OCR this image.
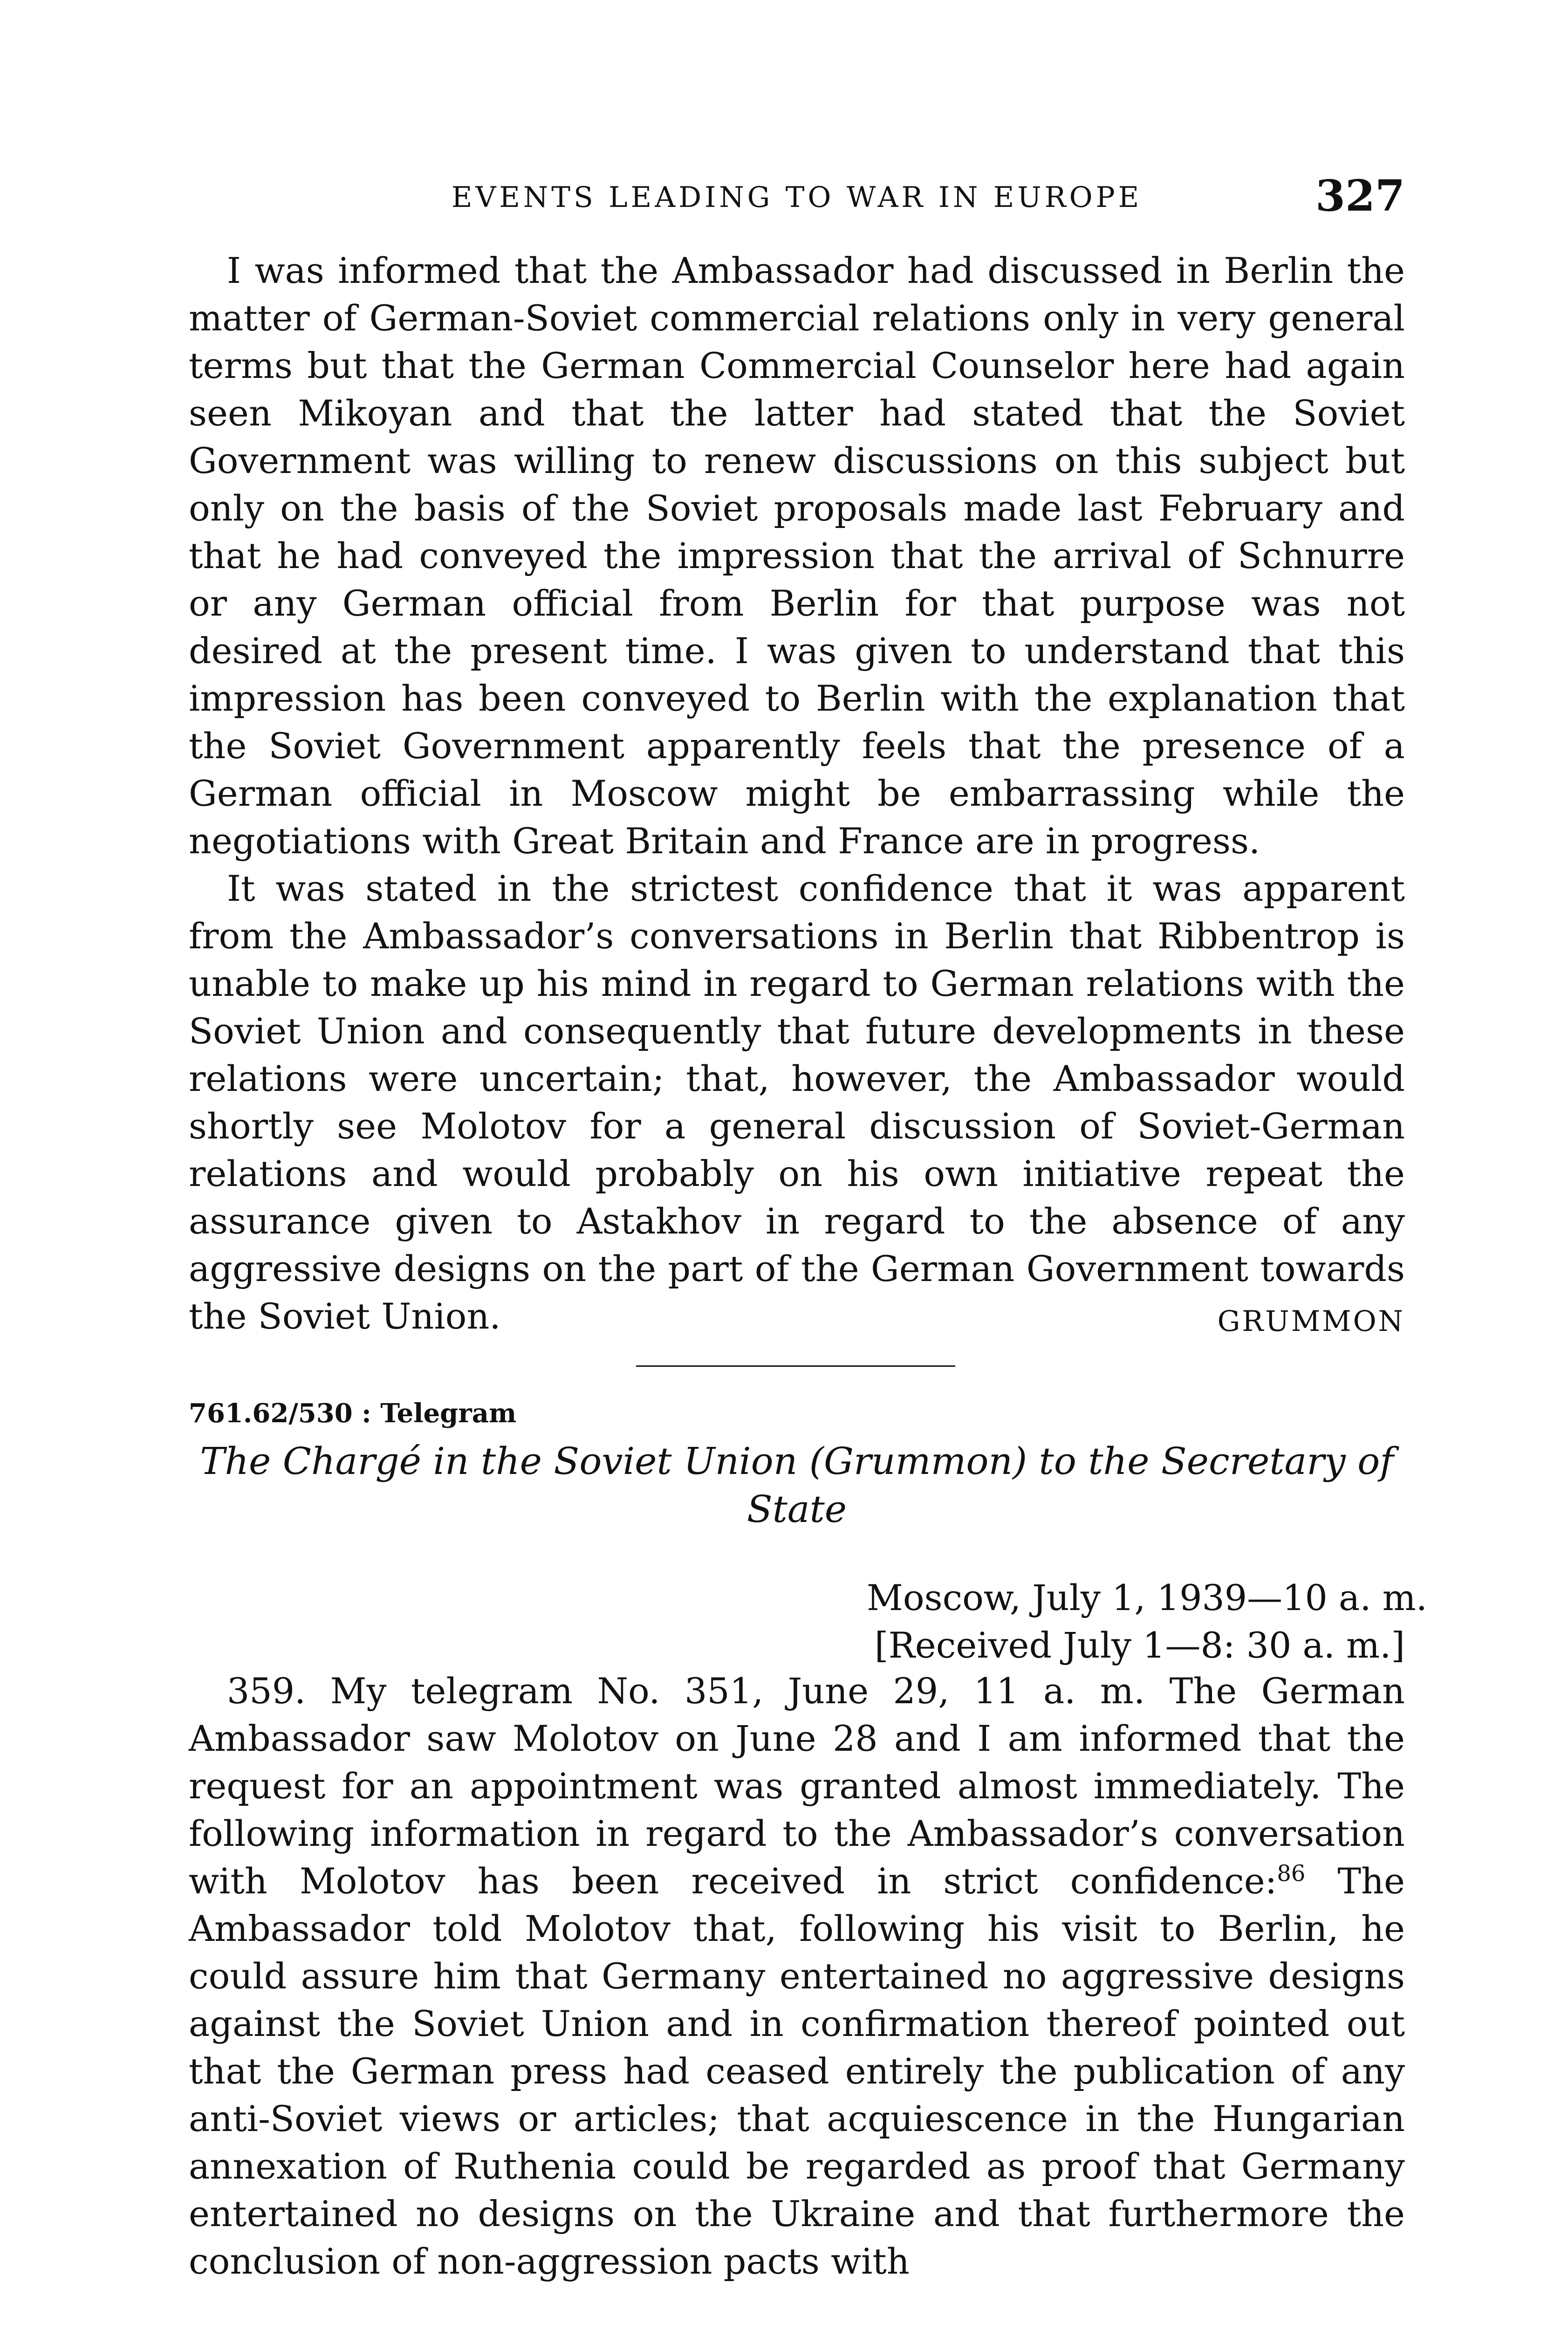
EVENTS LEADING TO WAR IN EUROPE	327

I was informed that the Ambassador had discussed in Berlin the matter of German-Soviet commercial relations only in very general terms but that the German Commercial Counselor here had again seen Mikoyan and that the latter had stated that the Soviet Government was willing to renew discussions on this subject but only on the basis of the Soviet proposals made last February and that he had conveyed the impression that the arrival of Schnurre or any German official from Berlin for that purpose was not desired at the present time. I was given to understand that this impression has been conveyed to Berlin with the explanation that the Soviet Government apparently feels that the presence of a German official in Moscow might be embarrassing while the negotiations with Great Britain and France are in progress.

It was stated in the strictest confidence that it was apparent from the Ambassador’s conversations in Berlin that Ribbentrop is unable to make up his mind in regard to German relations with the Soviet Union and consequently that future developments in these relations were uncertain; that, however, the Ambassador would shortly see Molotov for a general discussion of Soviet-German relations and would probably on his own initiative repeat the assurance given to Astakhov in regard to the absence of any aggressive designs on the part of the German Government towards the Soviet Union.	GRUMMON
761.62/530 : Telegram
The Chargé in the Soviet Union (Grummon) to the Secretary of State
Moscow, July 1, 1939—10 a. m.
[Received July 1—8: 30 a. m.]

359. My telegram No. 351, June 29, 11 a. m. The German Ambassador saw Molotov on June 28 and I am informed that the request for an appointment was granted almost immediately. The following information in regard to the Ambassador’s conversation with Molotov has been received in strict confidence:$^{86}$ The Ambassador told Molotov that, following his visit to Berlin, he could assure him that Germany entertained no aggressive designs against the Soviet Union and in confirmation thereof pointed out that the German press had ceased entirely the publication of any anti-Soviet views or articles; that acquiescence in the Hungarian annexation of Ruthenia could be regarded as proof that Germany entertained no designs on the Ukraine and that furthermore the conclusion of non-aggression pacts with
